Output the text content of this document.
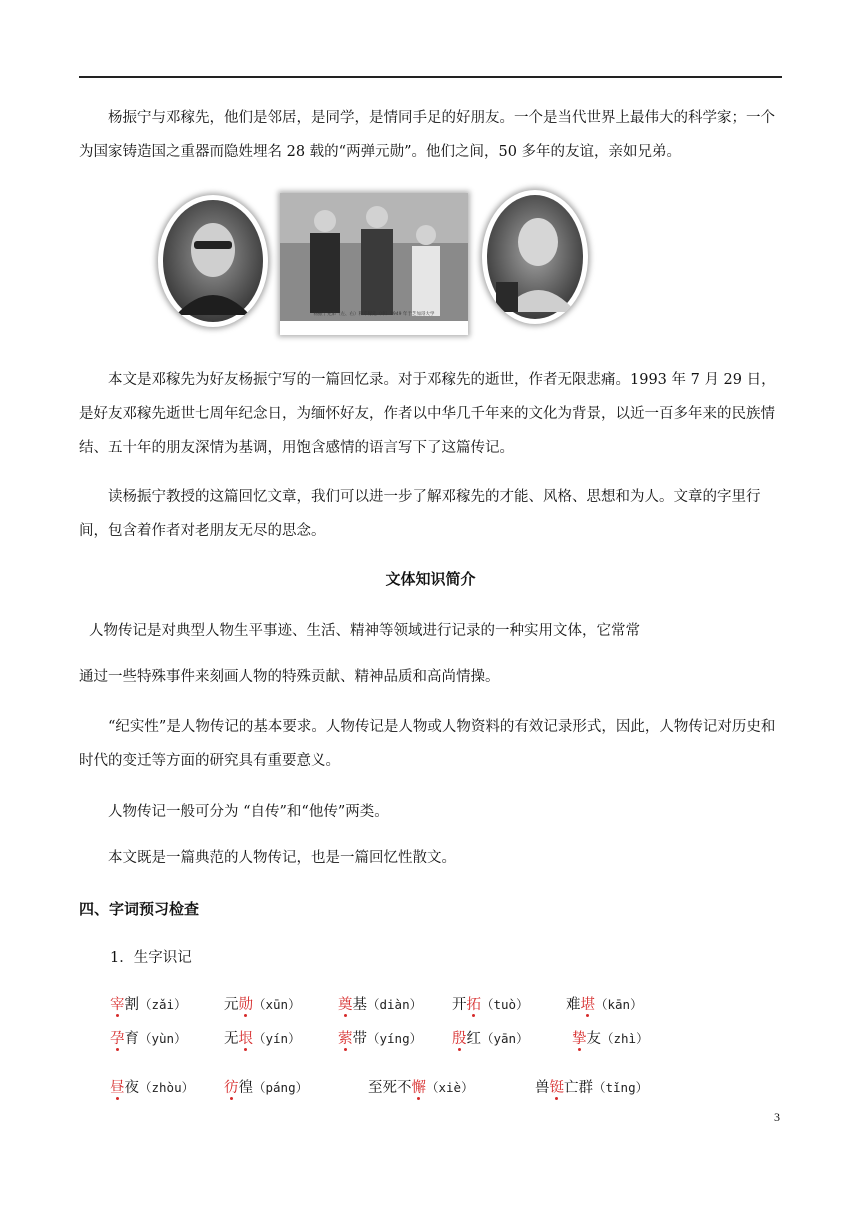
杨振宁与邓稼先，他们是邻居，是同学，是情同手足的好朋友。一个是当代世界上最伟大的科学家；一个为国家铸造国之重器而隐姓埋名 28 载的“两弹元勋”。他们之间，50 多年的友谊，亲如兄弟。

杨振宁兄弟（左、右）和邓稼先（中）1949 年于芝加哥大学

本文是邓稼先为好友杨振宁写的一篇回忆录。对于邓稼先的逝世，作者无限悲痛。1993 年 7 月 29 日，是好友邓稼先逝世七周年纪念日，为缅怀好友，作者以中华几千年来的文化为背景，以近一百多年来的民族情结、五十年的朋友深情为基调，用饱含感情的语言写下了这篇传记。

读杨振宁教授的这篇回忆文章，我们可以进一步了解邓稼先的才能、风格、思想和为人。文章的字里行间，包含着作者对老朋友无尽的思念。

文体知识简介

人物传记是对典型人物生平事迹、生活、精神等领域进行记录的一种实用文体，它常常

通过一些特殊事件来刻画人物的特殊贡献、精神品质和高尚情操。

“纪实性”是人物传记的基本要求。人物传记是人物或人物资料的有效记录形式，因此，人物传记对历史和时代的变迁等方面的研究具有重要意义。

人物传记一般可分为 “自传”和“他传”两类。

本文既是一篇典范的人物传记，也是一篇回忆性散文。

四、字词预习检查
1．生字识记
宰割（zǎi）	元勋（xūn）	奠基（diàn） 开拓（tuò）	难堪（kān）
孕育（yùn）	无垠（yín）	萦带（yíng） 殷红（yān）	挚友（zhì）
昼夜（zhòu） 彷徨（páng）	至死不懈（xiè）	兽铤亡群（tǐng）
3
